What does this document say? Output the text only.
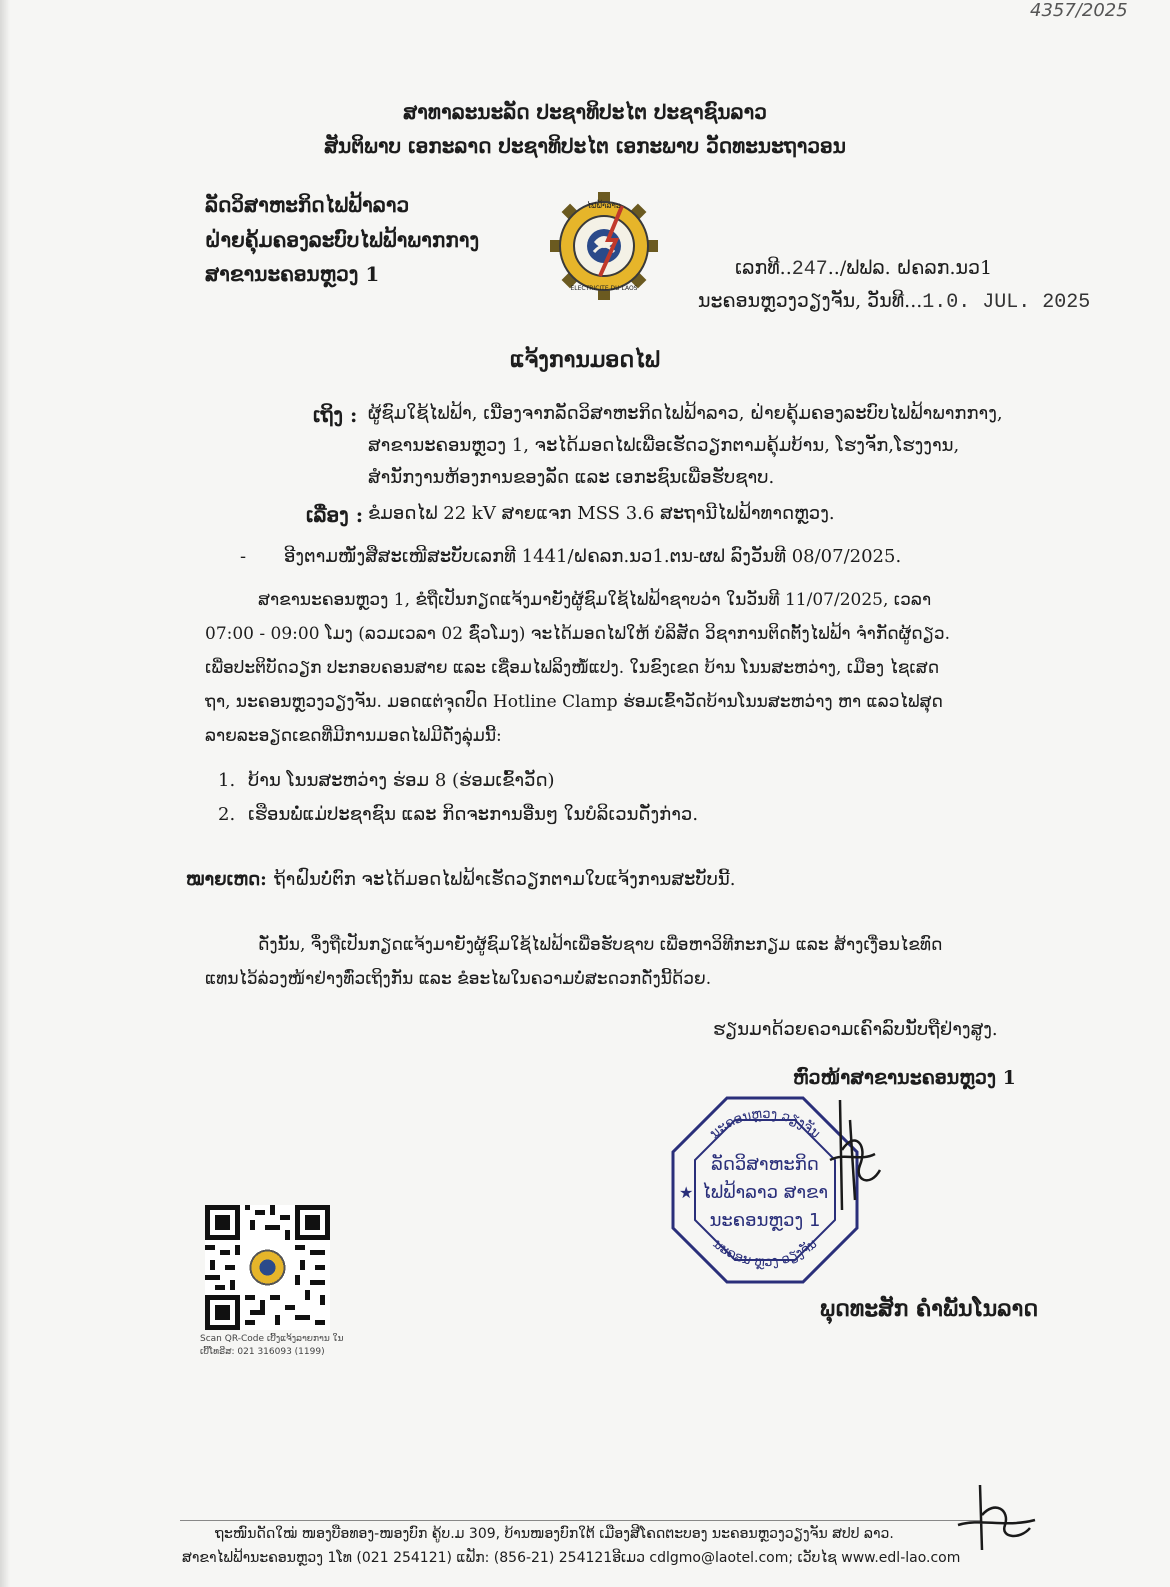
4357/2025
ສາທາລະນະລັດ ປະຊາທິປະໄຕ ປະຊາຊົນລາວ
ສັນຕິພາບ ເອກະລາດ ປະຊາທິປະໄຕ ເອກະພາບ ວັດທະນະຖາວອນ
ລັດວິສາຫະກິດໄຟຟ້າລາວ
ຝ່າຍຄຸ້ມຄອງລະບົບໄຟຟ້າພາກກາງ
ສາຂານະຄອນຫຼວງ 1
ໄຟຟ້າລາວ
ELECTRICITE DU LAOS
ເລກທີ..247../ຟຟລ. ຝຄລກ.ນວ1
ນະຄອນຫຼວງວຽງຈັນ, ວັນທີ...1.0. JUL. 2025
ແຈ້ງການມອດໄຟ
ເຖິງ : ຜູ້ຊົມໃຊ້ໄຟຟ້າ, ເນື່ອງຈາກລັດວິສາຫະກິດໄຟຟ້າລາວ, ຝ່າຍຄຸ້ມຄອງລະບົບໄຟຟ້າພາກກາງ,
ສາຂານະຄອນຫຼວງ 1, ຈະໄດ້ມອດໄຟເພື່ອເຮັດວຽກຕາມຄຸ້ມບ້ານ, ໂຮງຈັກ,ໂຮງງານ,
ສໍານັກງານຫ້ອງການຂອງລັດ ແລະ ເອກະຊົນເພື່ອຮັບຊາບ.
ເລື່ອງ : ຂໍມອດໄຟ 22 kV ສາຍແຈກ MSS 3.6 ສະຖານີໄຟຟ້າທາດຫຼວງ.
- ອີງຕາມໜັງສືສະເໜີສະບັບເລກທີ 1441/ຝຄລກ.ນວ1.ຕນ-ຜຟ ລົງວັນທີ 08/07/2025.
ສາຂານະຄອນຫຼວງ 1, ຂໍຖືເປັນກຽດແຈ້ງມາຍັງຜູ້ຊົມໃຊ້ໄຟຟ້າຊາບວ່າ ໃນວັນທີ 11/07/2025, ເວລາ
07:00 - 09:00 ໂມງ (ລວມເວລາ 02 ຊົ່ວໂມງ) ຈະໄດ້ມອດໄຟໃຫ້ ບໍລິສັດ ວິຊາການຕິດຕັ້ງໄຟຟ້າ ຈຳກັດຜູ້ດຽວ.
ເພື່ອປະຕິບັດວຽກ ປະກອບຄອນສາຍ ແລະ ເຊື່ອມໄຟລິງໜໍ້ແປງ. ໃນຂົງເຂດ ບ້ານ ໂນນສະຫວ່າງ, ເມືອງ ໄຊເສດ
ຖາ, ນະຄອນຫຼວງວຽງຈັນ. ມອດແຕ່ຈຸດປົດ Hotline Clamp ຮ່ອມເຂົ້າວັດບ້ານໂນນສະຫວ່າງ ຫາ ແລວໄຟສຸດ
ລາຍລະອຽດເຂດທີ່ມີການມອດໄຟມີດັ່ງລຸ່ມນີ້:
1. ບ້ານ ໂນນສະຫວ່າງ ຮ່ອມ 8 (ຮ່ອມເຂົ້າວັດ)
2. ເຮືອນພໍ່ແມ່ປະຊາຊົນ ແລະ ກິດຈະການອື່ນໆ ໃນບໍລິເວນດັ່ງກ່າວ.
ໝາຍເຫດ: ຖ້າຝົນບໍ່ຕົກ ຈະໄດ້ມອດໄຟຟ້າເຮັດວຽກຕາມໃບແຈ້ງການສະບັບນີ້.
ດັ່ງນັ້ນ, ຈຶ່ງຖືເປັນກຽດແຈ້ງມາຍັງຜູ້ຊົມໃຊ້ໄຟຟ້າເພື່ອຮັບຊາບ ເພື່ອຫາວິທີກະກຽມ ແລະ ສ້າງເງື່ອນໄຂທົດ
ແທນໄວ້ລ່ວງໜ້າຢ່າງທົ່ວເຖິງກັນ ແລະ ຂໍອະໄພໃນຄວາມບໍ່ສະດວກດັ່ງນີ້ດ້ວຍ.
ຮຽນມາດ້ວຍຄວາມເຄົາລົບນັບຖືຢ່າງສູງ.
ຫົວໜ້າສາຂານະຄອນຫຼວງ 1
ນະຄອນຫຼວງ ວຽງຈັນ
ນະຄອນ ຫຼວງ ວຽງຈັນ
ລັດວິສາຫະກິດ
ໄຟຟ້າລາວ ສາຂາ
ນະຄອນຫຼວງ 1
★
ພຸດທະສັກ ຄຳພັນໂນລາດ
Scan QR-Code ເບີ້ງແຈ້ງລາຍການ ໃນ
ເບີ້ໂທຣີສ: 021 316093 (1199)
ຖະໜົນດັດໃໝ່ ໜອງບືອທອງ-ໜອງບົກ ຄູ້ບ.ມ 309, ບ້ານໜອງບົກໃຕ້ ເມືອງສີໂຄດຕະບອງ ນະຄອນຫຼວງວຽງຈັນ ສປປ ລາວ.
ສາຂາໄຟຟ້ານະຄອນຫຼວງ 1ໂທ (021 254121) ແຟັກ: (856-21) 254121ອີເມວ cdlgmo@laotel.com; ເວັບໄຊ www.edl-lao.com
